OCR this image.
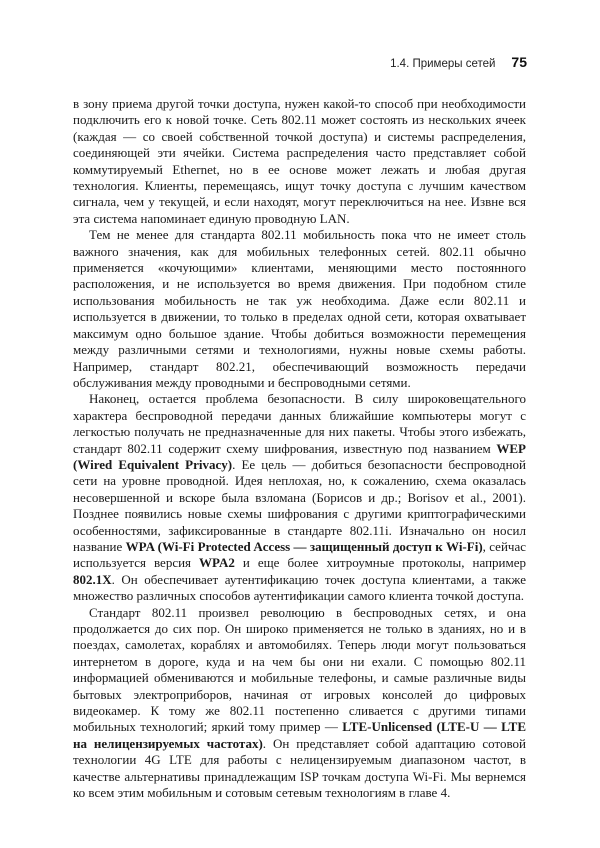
1.4. Примеры сетей 75

в зону приема другой точки доступа, нужен какой-то способ при необходимости подключить его к новой точке. Сеть 802.11 может состоять из нескольких ячеек (каждая — со своей собственной точкой доступа) и системы распределения, соединяющей эти ячейки. Система распределения часто представляет собой коммутируемый Ethernet, но в ее основе может лежать и любая другая технология. Клиенты, перемещаясь, ищут точку доступа с лучшим качеством сигнала, чем у текущей, и если находят, могут переключиться на нее. Извне вся эта система напоминает единую проводную LAN.

Тем не менее для стандарта 802.11 мобильность пока что не имеет столь важного значения, как для мобильных телефонных сетей. 802.11 обычно применяется «кочующими» клиентами, меняющими место постоянного расположения, и не используется во время движения. При подобном стиле использования мобильность не так уж необходима. Даже если 802.11 и используется в движении, то только в пределах одной сети, которая охватывает максимум одно большое здание. Чтобы добиться возможности перемещения между различными сетями и технологиями, нужны новые схемы работы. Например, стандарт 802.21, обеспечивающий возможность передачи обслуживания между проводными и беспроводными сетями.

Наконец, остается проблема безопасности. В силу широковещательного характера беспроводной передачи данных ближайшие компьютеры могут с легкостью получать не предназначенные для них пакеты. Чтобы этого избежать, стандарт 802.11 содержит схему шифрования, известную под названием WEP (Wired Equivalent Privacy). Ее цель — добиться безопасности беспроводной сети на уровне проводной. Идея неплохая, но, к сожалению, схема оказалась несовершенной и вскоре была взломана (Борисов и др.; Borisov et al., 2001). Позднее появились новые схемы шифрования с другими криптографическими особенностями, зафиксированные в стандарте 802.11i. Изначально он носил название WPA (Wi-Fi Protected Access — защищенный доступ к Wi-Fi), сейчас используется версия WPA2 и еще более хитроумные протоколы, например 802.1X. Он обеспечивает аутентификацию точек доступа клиентами, а также множество различных способов аутентификации самого клиента точкой доступа.

Стандарт 802.11 произвел революцию в беспроводных сетях, и она продолжается до сих пор. Он широко применяется не только в зданиях, но и в поездах, самолетах, кораблях и автомобилях. Теперь люди могут пользоваться интернетом в дороге, куда и на чем бы они ни ехали. С помощью 802.11 информацией обмениваются и мобильные телефоны, и самые различные виды бытовых электроприборов, начиная от игровых консолей до цифровых видеокамер. К тому же 802.11 постепенно сливается с другими типами мобильных технологий; яркий тому пример — LTE-Unlicensed (LTE-U — LTE на нелицензируемых частотах). Он представляет собой адаптацию сотовой технологии 4G LTE для работы с нелицензируемым диапазоном частот, в качестве альтернативы принадлежащим ISP точкам доступа Wi-Fi. Мы вернемся ко всем этим мобильным и сотовым сетевым технологиям в главе 4.
